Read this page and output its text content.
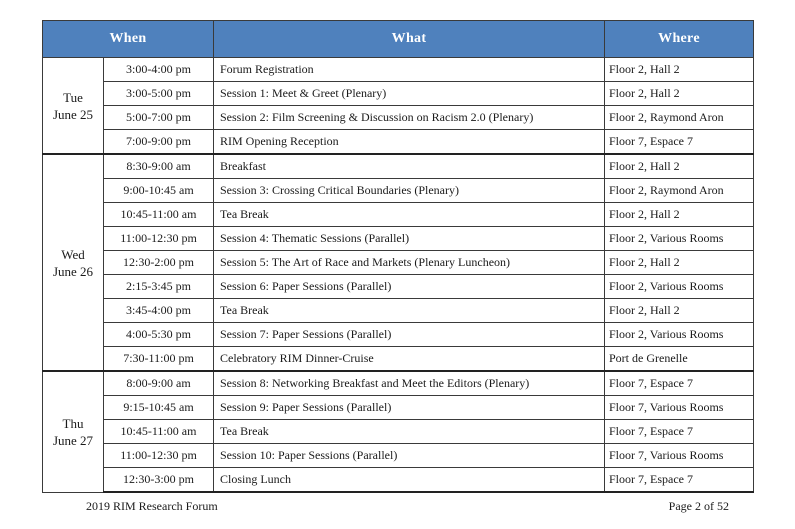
When		What	Where
Tue
June 25	3:00-4:00 pm	Forum Registration	Floor 2, Hall 2
	3:00-5:00 pm	Session 1: Meet & Greet (Plenary)	Floor 2, Hall 2
	5:00-7:00 pm	Session 2: Film Screening & Discussion on Racism 2.0 (Plenary)	Floor 2, Raymond Aron
	7:00-9:00 pm	RIM Opening Reception	Floor 7, Espace 7
Wed
June 26	8:30-9:00 am	Breakfast	Floor 2, Hall 2
	9:00-10:45 am	Session 3: Crossing Critical Boundaries (Plenary)	Floor 2, Raymond Aron
	10:45-11:00 am	Tea Break	Floor 2, Hall 2
	11:00-12:30 pm	Session 4: Thematic Sessions (Parallel)	Floor 2, Various Rooms
	12:30-2:00 pm	Session 5: The Art of Race and Markets (Plenary Luncheon)	Floor 2, Hall 2
	2:15-3:45 pm	Session 6: Paper Sessions (Parallel)	Floor 2, Various Rooms
	3:45-4:00 pm	Tea Break	Floor 2, Hall 2
	4:00-5:30 pm	Session 7: Paper Sessions (Parallel)	Floor 2, Various Rooms
	7:30-11:00 pm	Celebratory RIM Dinner-Cruise	Port de Grenelle
Thu
June 27	8:00-9:00 am	Session 8: Networking Breakfast and Meet the Editors (Plenary)	Floor 7, Espace 7
	9:15-10:45 am	Session 9: Paper Sessions (Parallel)	Floor 7, Various Rooms
	10:45-11:00 am	Tea Break	Floor 7, Espace 7
	11:00-12:30 pm	Session 10: Paper Sessions (Parallel)	Floor 7, Various Rooms
	12:30-3:00 pm	Closing Lunch	Floor 7, Espace 7
2019 RIM Research Forum	Page 2 of 52
